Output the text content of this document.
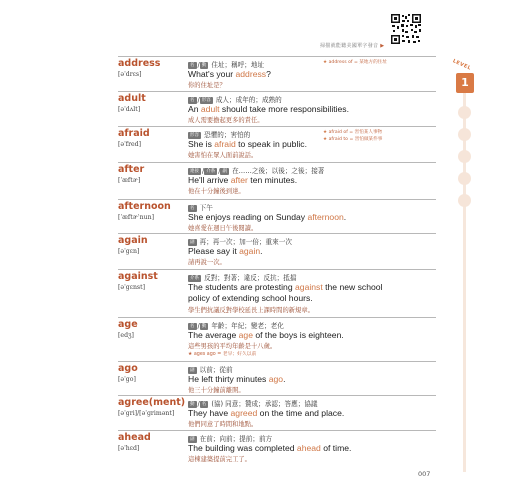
掃描就能聽美國單字發音 ▶
LEVEL
1
address
[əˈdrɛs]
名 / 動 住址；稱呼；地址
What's your address?
你的住址是？
★ address of = 某地方的住址
adult
[əˈdʌlt]
名 / 形容 成人；成年的；成熟的
An adult should take more responsibilities.
成人需要擔起更多的責任。
afraid
[əˈfred]
形容 恐懼的；害怕的
She is afraid to speak in public.
她害怕在眾人面前說話。
★ afraid of = 害怕某人事物
★ afraid to = 害怕做某件事
after
[ˈæftɚ]
連接 / 介系 / 副 在……之後；以後；之後；接著
He'll arrive after ten minutes.
他在十分鐘後到達。
afternoon
[ˈæftɚˈnun]
名 下午
She enjoys reading on Sunday afternoon.
她喜愛在週日午後閱讀。
again
[əˈgɛn]
副 再；再一次；加一倍；重來一次
Please say it again.
請再說一次。
against
[əˈgɛnst]
介系 反對；對著；違反；反抗；抵擋
The students are protesting against the new school policy of extending school hours.
學生們抗議反對學校延長上課時間的新規章。
age
[edʒ]
名 / 動 年齡；年紀；變老；老化
The average age of the boys is eighteen.
這些男孩的平均年齡是十八歲。
★ ages ago = 老早；好久以前
ago
[əˈgo]
副 以前；從前
He left thirty minutes ago.
他三十分鐘前離開。
agree(ment)
[əˈgri]/[əˈgrimənt]
動 / 名 (協) 同意；贊成；承認；答應；協議
They have agreed on the time and place.
他們同意了時間和地點。
ahead
[əˈhɛd]
副 在前；向前；提前；前方
The building was completed ahead of time.
這棟建築提前完工了。
007
